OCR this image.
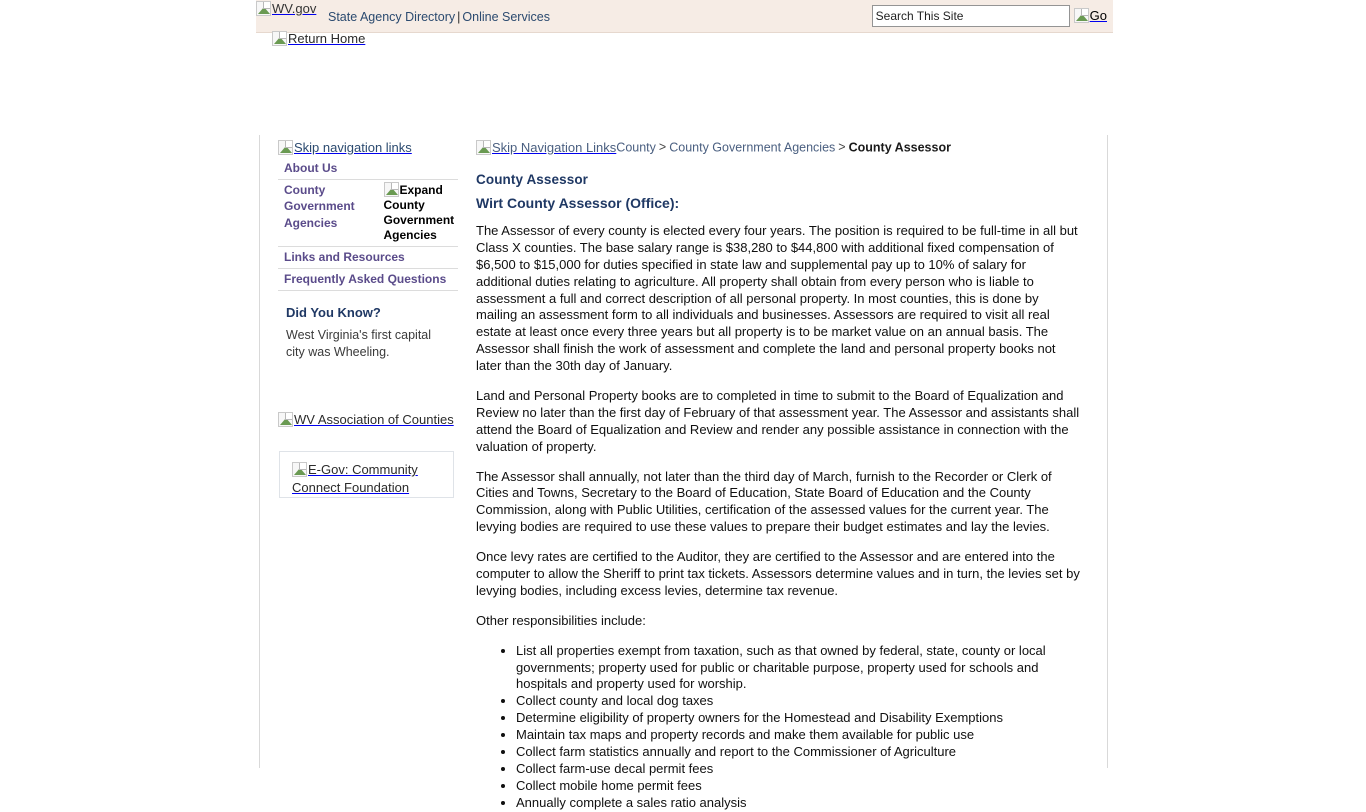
WV.gov
State Agency Directory | Online Services
Search This Site	Go
Return Home
Skip navigation links
About Us
County Government Agencies
Expand County Government Agencies
Links and Resources
Frequently Asked Questions
Did You Know?
West Virginia's first capital city was Wheeling.
WV Association of Counties
E-Gov: Community Connect Foundation
Skip Navigation LinksCounty > County Government Agencies > County Assessor
County Assessor
Wirt County Assessor (Office):

The Assessor of every county is elected every four years. The position is required to be full-time in all but Class X counties. The base salary range is $38,280 to $44,800 with additional fixed compensation of $6,500 to $15,000 for duties specified in state law and supplemental pay up to 10% of salary for additional duties relating to agriculture. All property shall obtain from every person who is liable to assessment a full and correct description of all personal property. In most counties, this is done by mailing an assessment form to all individuals and businesses. Assessors are required to visit all real estate at least once every three years but all property is to be market value on an annual basis. The Assessor shall finish the work of assessment and complete the land and personal property books not later than the 30th day of January.

Land and Personal Property books are to completed in time to submit to the Board of Equalization and Review no later than the first day of February of that assessment year. The Assessor and assistants shall attend the Board of Equalization and Review and render any possible assistance in connection with the valuation of property.

The Assessor shall annually, not later than the third day of March, furnish to the Recorder or Clerk of Cities and Towns, Secretary to the Board of Education, State Board of Education and the County Commission, along with Public Utilities, certification of the assessed values for the current year. The levying bodies are required to use these values to prepare their budget estimates and lay the levies.

Once levy rates are certified to the Auditor, they are certified to the Assessor and are entered into the computer to allow the Sheriff to print tax tickets. Assessors determine values and in turn, the levies set by levying bodies, including excess levies, determine tax revenue.

Other responsibilities include:

• List all properties exempt from taxation, such as that owned by federal, state, county or local governments; property used for public or charitable purpose, property used for schools and hospitals and property used for worship.
• Collect county and local dog taxes
• Determine eligibility of property owners for the Homestead and Disability Exemptions
• Maintain tax maps and property records and make them available for public use
• Collect farm statistics annually and report to the Commissioner of Agriculture
• Collect farm-use decal permit fees
• Collect mobile home permit fees
• Annually complete a sales ratio analysis
